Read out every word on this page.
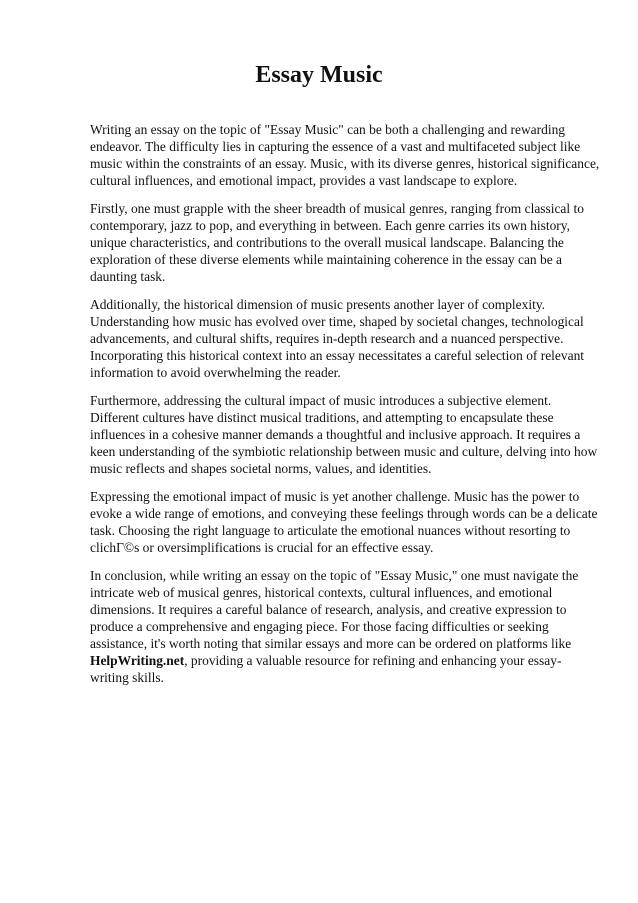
Essay Music

Writing an essay on the topic of "Essay Music" can be both a challenging and rewarding endeavor. The difficulty lies in capturing the essence of a vast and multifaceted subject like music within the constraints of an essay. Music, with its diverse genres, historical significance, cultural influences, and emotional impact, provides a vast landscape to explore.

Firstly, one must grapple with the sheer breadth of musical genres, ranging from classical to contemporary, jazz to pop, and everything in between. Each genre carries its own history, unique characteristics, and contributions to the overall musical landscape. Balancing the exploration of these diverse elements while maintaining coherence in the essay can be a daunting task.

Additionally, the historical dimension of music presents another layer of complexity. Understanding how music has evolved over time, shaped by societal changes, technological advancements, and cultural shifts, requires in-depth research and a nuanced perspective. Incorporating this historical context into an essay necessitates a careful selection of relevant information to avoid overwhelming the reader.

Furthermore, addressing the cultural impact of music introduces a subjective element. Different cultures have distinct musical traditions, and attempting to encapsulate these influences in a cohesive manner demands a thoughtful and inclusive approach. It requires a keen understanding of the symbiotic relationship between music and culture, delving into how music reflects and shapes societal norms, values, and identities.

Expressing the emotional impact of music is yet another challenge. Music has the power to evoke a wide range of emotions, and conveying these feelings through words can be a delicate task. Choosing the right language to articulate the emotional nuances without resorting to clichГ©s or oversimplifications is crucial for an effective essay.

In conclusion, while writing an essay on the topic of "Essay Music," one must navigate the intricate web of musical genres, historical contexts, cultural influences, and emotional dimensions. It requires a careful balance of research, analysis, and creative expression to produce a comprehensive and engaging piece. For those facing difficulties or seeking assistance, it's worth noting that similar essays and more can be ordered on platforms like HelpWriting.net, providing a valuable resource for refining and enhancing your essay-writing skills.
